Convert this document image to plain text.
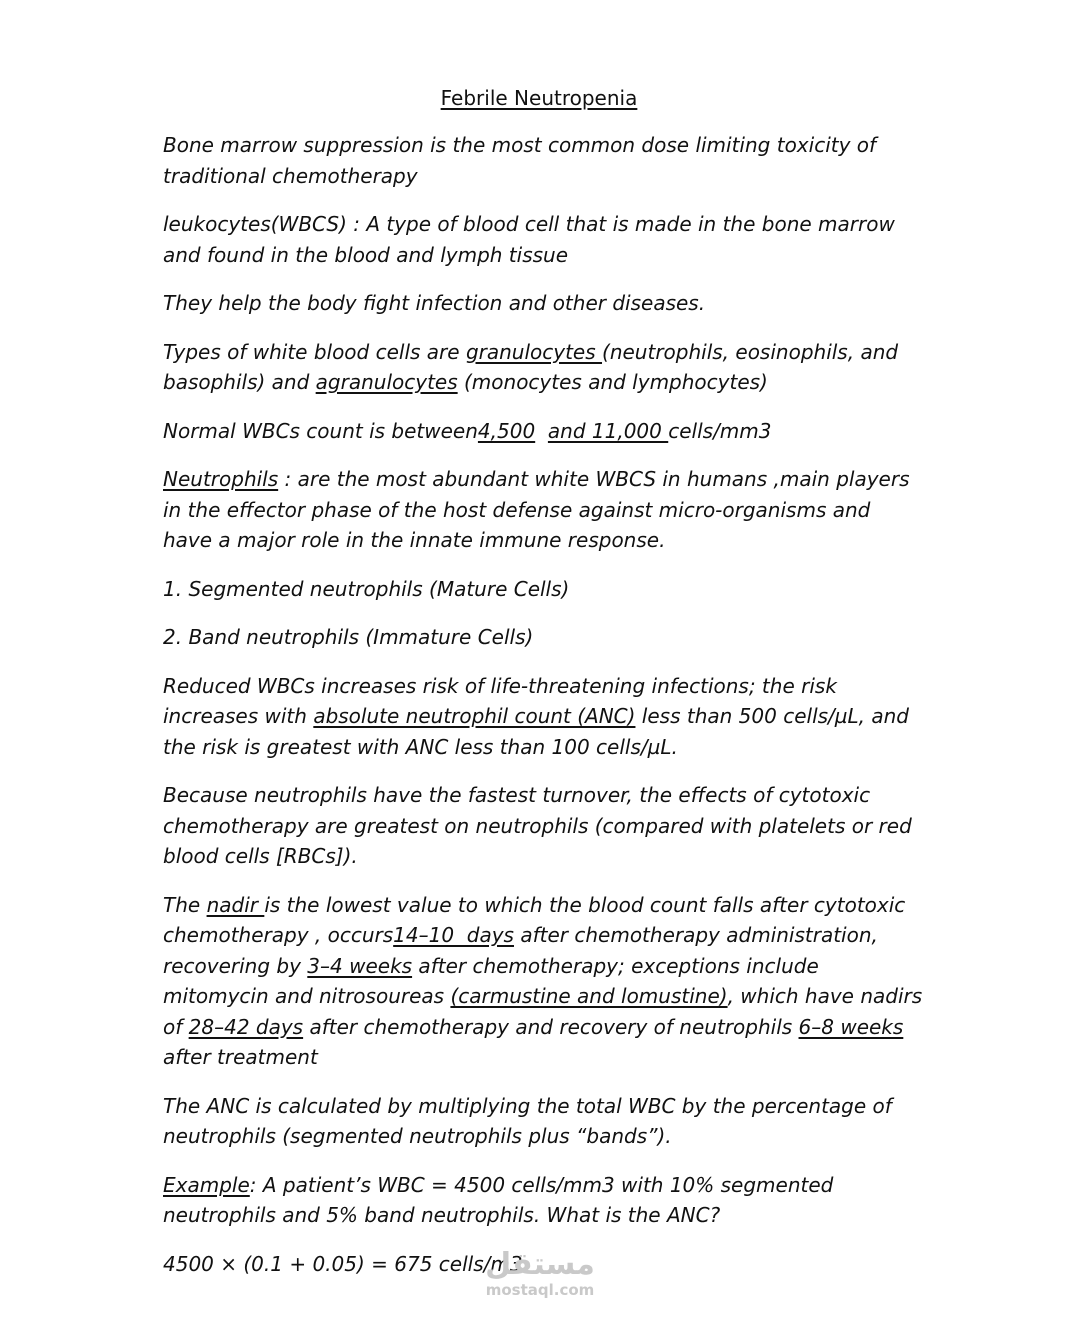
Febrile Neutropenia

Bone marrow suppression is the most common dose limiting toxicity of traditional chemotherapy

leukocytes(WBCS) : A type of blood cell that is made in the bone marrow and found in the blood and lymph tissue

They help the body fight infection and other diseases.

Types of white blood cells are granulocytes (neutrophils, eosinophils, and basophils) and agranulocytes (monocytes and lymphocytes)

Normal WBCs count is between4,500 and 11,000 cells/mm3

Neutrophils : are the most abundant white WBCS in humans ,main players in the effector phase of the host defense against micro-organisms and have a major role in the innate immune response.

1. Segmented neutrophils (Mature Cells)

2. Band neutrophils (Immature Cells)

Reduced WBCs increases risk of life-threatening infections; the risk increases with absolute neutrophil count (ANC) less than 500 cells/µL, and the risk is greatest with ANC less than 100 cells/µL.

Because neutrophils have the fastest turnover, the effects of cytotoxic chemotherapy are greatest on neutrophils (compared with platelets or red blood cells [RBCs]).

The nadir is the lowest value to which the blood count falls after cytotoxic chemotherapy , occurs14–10  days after chemotherapy administration, recovering by 3–4 weeks after chemotherapy; exceptions include mitomycin and nitrosoureas (carmustine and lomustine), which have nadirs of 28–42 days after chemotherapy and recovery of neutrophils 6–8 weeks after treatment

The ANC is calculated by multiplying the total WBC by the percentage of neutrophils (segmented neutrophils plus “bands”).

Example: A patient’s WBC = 4500 cells/mm3 with 10% segmented neutrophils and 5% band neutrophils. What is the ANC?

4500 × (0.1 + 0.05) = 675 cells/m3

مستقل
mostaql.com
